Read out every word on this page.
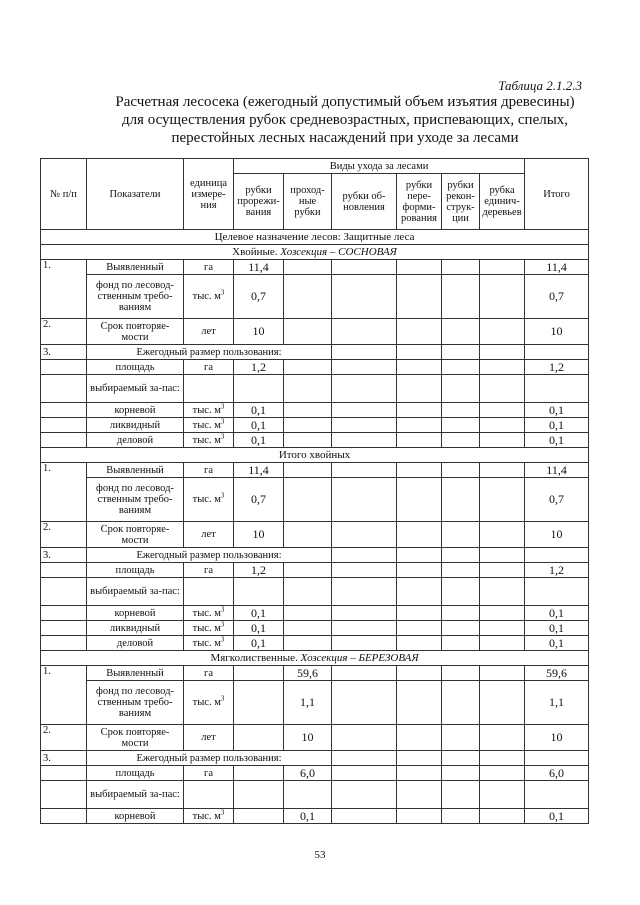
Таблица 2.1.2.3
Расчетная лесосека (ежегодный допустимый объем изъятия древесины)
для осуществления рубок средневозрастных, приспевающих, спелых,
перестойных лесных насаждений при уходе за лесами
№ п/п	Показатели	единица измере-ния	Виды ухода за лесами						Итого
			рубки прорежи-вания	проход-ные рубки	рубки об-новления	рубки пере-форми-рования	рубки рекон-струк-ции	рубка единич-деревьев	
Целевое назначение лесов: Защитные леса									
Хвойные. Хозсекция – СОСНОВАЯ									
1.	Выявленный	га	11,4						11,4
	фонд по лесовод-ственным требо-ваниям	тыс. $м^3$	0,7						0,7
2.	Срок повторяе-мости	лет	10						10
3.	Ежегодный размер пользования:								
	площадь	га	1,2						1,2
	выбираемый за-пас:								
	корневой	тыс. $м^3$	0,1						0,1
	ликвидный	тыс. $м^3$	0,1						0,1
	деловой	тыс. $м^3$	0,1						0,1
Итого хвойных									
1.	Выявленный	га	11,4						11,4
	фонд по лесовод-ственным требо-ваниям	тыс. $м^3$	0,7						0,7
2.	Срок повторяе-мости	лет	10						10
3.	Ежегодный размер пользования:								
	площадь	га	1,2						1,2
	выбираемый за-пас:								
	корневой	тыс. $м^3$	0,1						0,1
	ликвидный	тыс. $м^3$	0,1						0,1
	деловой	тыс. $м^3$	0,1						0,1
Мягколиственные. Хозсекция – БЕРЕЗОВАЯ									
1.	Выявленный	га		59,6					59,6
	фонд по лесовод-ственным требо-ваниям	тыс. $м^3$		1,1					1,1
2.	Срок повторяе-мости	лет		10					10
3.	Ежегодный размер пользования:								
	площадь	га		6,0					6,0
	выбираемый за-пас:								
	корневой	тыс. $м^3$		0,1					0,1
53
